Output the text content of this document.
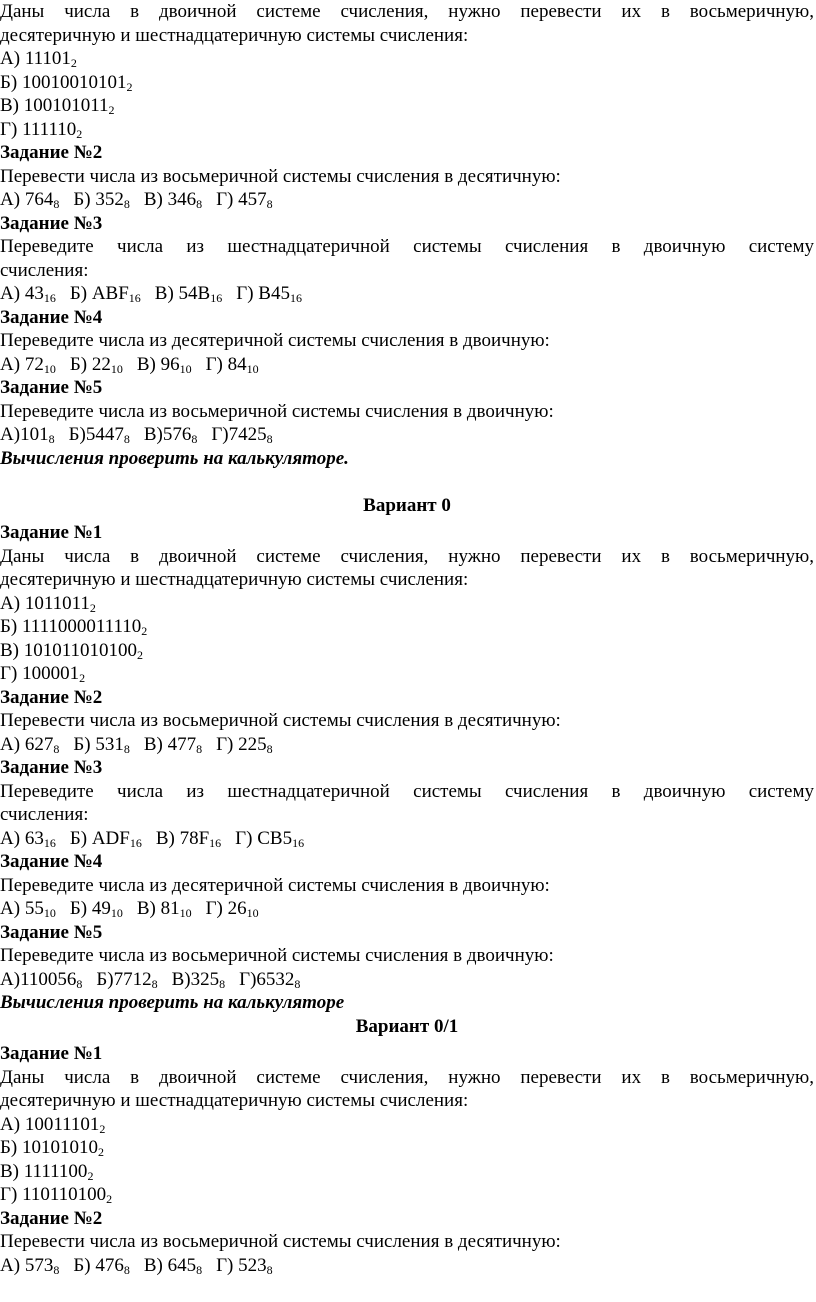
Даны числа в двоичной системе счисления, нужно перевести их в восьмеричную,
десятеричную и шестнадцатеричную системы счисления:
А) $11101_2$
Б) $10010010101_2$
В) $100101011_2$
Г) $111110_2$
Задание №2
Перевести числа из восьмеричной системы счисления в десятичную:
А) $764_8$ Б) $352_8$ В) $346_8$ Г) $457_8$
Задание №3
Переведите числа из шестнадцатеричной системы счисления в двоичную систему
счисления:
А) $43_{16}$ Б) $ABF_{16}$ В) $54B_{16}$ Г) $B45_{16}$
Задание №4
Переведите числа из десятеричной системы счисления в двоичную:
А) $72_{10}$ Б) $22_{10}$ В) $96_{10}$ Г) $84_{10}$
Задание №5
Переведите числа из восьмеричной системы счисления в двоичную:
$А)101_8$ $Б)5447_8$ $В)576_8$ $Г)7425_8$
Вычисления проверить на калькуляторе.
Вариант 0
Задание №1
Даны числа в двоичной системе счисления, нужно перевести их в восьмеричную,
десятеричную и шестнадцатеричную системы счисления:
А) $1011011_2$
Б) $1111000011110_2$
В) $101011010100_2$
Г) $100001_2$
Задание №2
Перевести числа из восьмеричной системы счисления в десятичную:
А) $627_8$ Б) $531_8$ В) $477_8$ Г) $225_8$
Задание №3
Переведите числа из шестнадцатеричной системы счисления в двоичную систему
счисления:
А) $63_{16}$ Б) $ADF_{16}$ В) $78F_{16}$ Г) $CB5_{16}$
Задание №4
Переведите числа из десятеричной системы счисления в двоичную:
А) $55_{10}$ Б) $49_{10}$ В) $81_{10}$ Г) $26_{10}$
Задание №5
Переведите числа из восьмеричной системы счисления в двоичную:
$А)110056_8$ $Б)7712_8$ $В)325_8$ $Г)6532_8$
Вычисления проверить на калькуляторе
Вариант 0/1
Задание №1
Даны числа в двоичной системе счисления, нужно перевести их в восьмеричную,
десятеричную и шестнадцатеричную системы счисления:
А) $10011101_2$
Б) $10101010_2$
В) $1111100_2$
Г) $110110100_2$
Задание №2
Перевести числа из восьмеричной системы счисления в десятичную:
А) $573_8$ Б) $476_8$ В) $645_8$ Г) $523_8$
